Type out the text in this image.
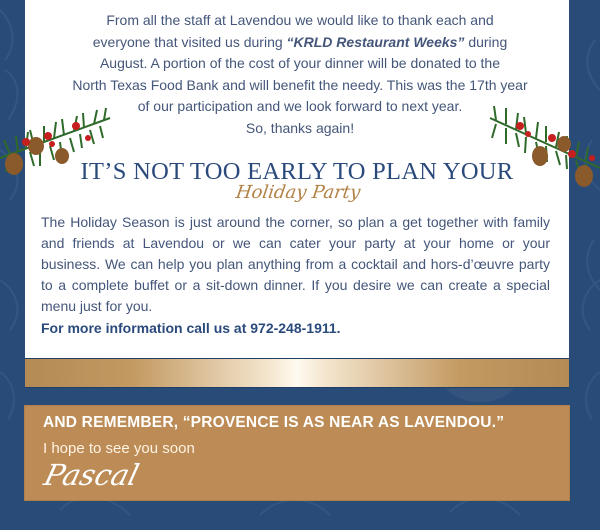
From all the staff at Lavendou we would like to thank each and
everyone that visited us during “KRLD Restaurant Weeks” during
August. A portion of the cost of your dinner will be donated to the
North Texas Food Bank and will benefit the needy. This was the 17th year
of our participation and we look forward to next year.
So, thanks again!
IT’S NOT TOO EARLY TO PLAN YOUR
Holiday Party
The Holiday Season is just around the corner, so plan a get together with family and friends at Lavendou or we can cater your party at your home or your business. We can help you plan anything from a cocktail and hors-d’œuvre party to a complete buffet or a sit-down dinner. If you desire we can create a special menu just for you.
For more information call us at 972-248-1911.
AND REMEMBER, “PROVENCE IS AS NEAR AS LAVENDOU.”
I hope to see you soon
Pascal
